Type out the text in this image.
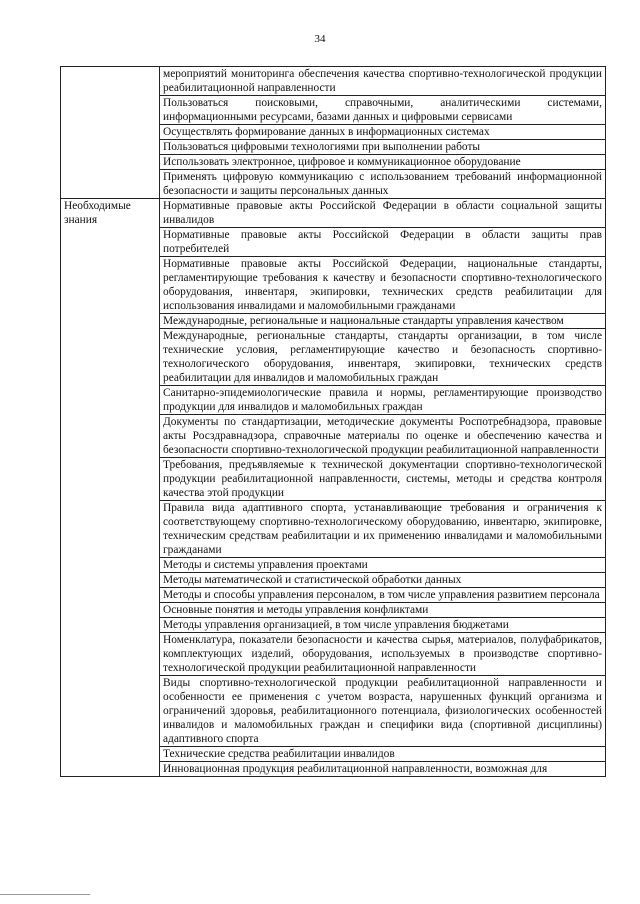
34
	мероприятий мониторинга обеспечения качества спортивно-технологической продукции реабилитационной направленности
	Пользоваться поисковыми, справочными, аналитическими системами, информационными ресурсами, базами данных и цифровыми сервисами
	Осуществлять формирование данных в информационных системах
	Пользоваться цифровыми технологиями при выполнении работы
	Использовать электронное, цифровое и коммуникационное оборудование
	Применять цифровую коммуникацию с использованием требований информационной безопасности и защиты персональных данных
Необходимые знания	Нормативные правовые акты Российской Федерации в области социальной защиты инвалидов
	Нормативные правовые акты Российской Федерации в области защиты прав потребителей
	Нормативные правовые акты Российской Федерации, национальные стандарты, регламентирующие требования к качеству и безопасности спортивно-технологического оборудования, инвентаря, экипировки, технических средств реабилитации для использования инвалидами и маломобильными гражданами
	Международные, региональные и национальные стандарты управления качеством
	Международные, региональные стандарты, стандарты организации, в том числе технические условия, регламентирующие качество и безопасность спортивно-технологического оборудования, инвентаря, экипировки, технических средств реабилитации для инвалидов и маломобильных граждан
	Санитарно-эпидемиологические правила и нормы, регламентирующие производство продукции для инвалидов и маломобильных граждан
	Документы по стандартизации, методические документы Роспотребнадзора, правовые акты Росздравнадзора, справочные материалы по оценке и обеспечению качества и безопасности спортивно-технологической продукции реабилитационной направленности
	Требования, предъявляемые к технической документации спортивно-технологической продукции реабилитационной направленности, системы, методы и средства контроля качества этой продукции
	Правила вида адаптивного спорта, устанавливающие требования и ограничения к соответствующему спортивно-технологическому оборудованию, инвентарю, экипировке, техническим средствам реабилитации и их применению инвалидами и маломобильными гражданами
	Методы и системы управления проектами
	Методы математической и статистической обработки данных
	Методы и способы управления персоналом, в том числе управления развитием персонала
	Основные понятия и методы управления конфликтами
	Методы управления организацией, в том числе управления бюджетами
	Номенклатура, показатели безопасности и качества сырья, материалов, полуфабрикатов, комплектующих изделий, оборудования, используемых в производстве спортивно-технологической продукции реабилитационной направленности
	Виды спортивно-технологической продукции реабилитационной направленности и особенности ее применения с учетом возраста, нарушенных функций организма и ограничений здоровья, реабилитационного потенциала, физиологических особенностей инвалидов и маломобильных граждан и специфики вида (спортивной дисциплины) адаптивного спорта
	Технические средства реабилитации инвалидов
	Инновационная продукция реабилитационной направленности, возможная для
